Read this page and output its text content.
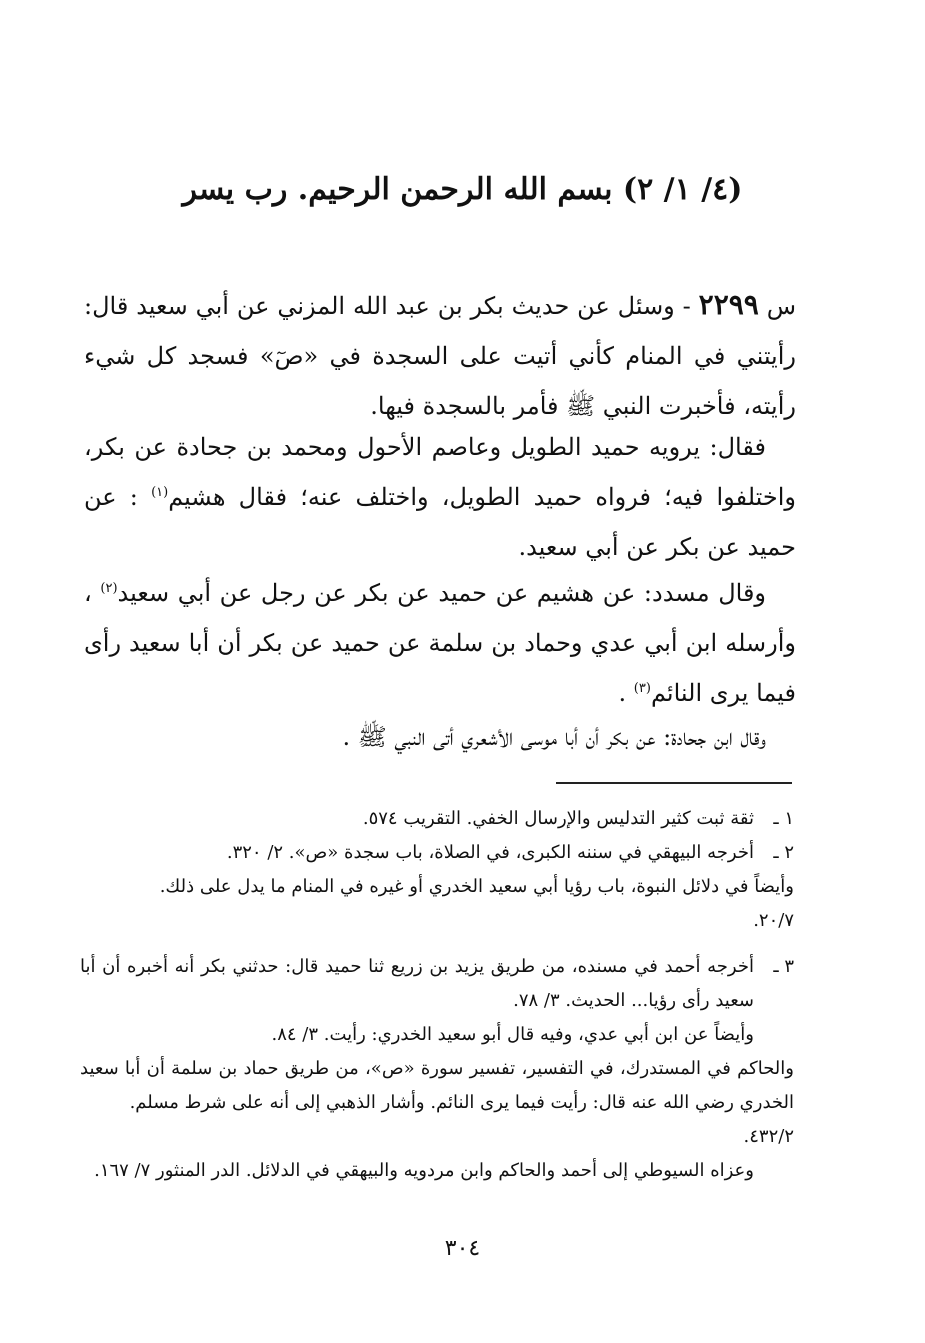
(٤/ ١/ ٢) بسم الله الرحمن الرحيم. رب يسر
س ٢٢٩٩ - وسئل عن حديث بكر بن عبد الله المزني عن أبي سعيد قال: رأيتني في المنام كأني أتيت على السجدة في «صٓ» فسجد كل شيء رأيته، فأخبرت النبي ﷺ فأمر بالسجدة فيها.
فقال: يرويه حميد الطويل وعاصم الأحول ومحمد بن جحادة عن بكر، واختلفوا فيه؛ فرواه حميد الطويل، واختلف عنه؛ فقال هشيم$^{(١)}$ : عن حميد عن بكر عن أبي سعيد.
وقال مسدد: عن هشيم عن حميد عن بكر عن رجل عن أبي سعيد$^{(٢)}$ ، وأرسله ابن أبي عدي وحماد بن سلمة عن حميد عن بكر أن أبا سعيد رأى فيما يرى النائم$^{(٣)}$ .
وقال ابن جحادة: عن بكر أن أبا موسى الأشعري أتى النبي ﷺ .
١ ـ

ثقة ثبت كثير التدليس والإرسال الخفي. التقريب ٥٧٤.

٢ ـ

أخرجه البيهقي في سننه الكبرى، في الصلاة، باب سجدة «ص». ٢/ ٣٢٠.

وأيضاً في دلائل النبوة، باب رؤيا أبي سعيد الخدري أو غيره في المنام ما يدل على ذلك.

٢٠/٧.

٣ ـ

أخرجه أحمد في مسنده، من طريق يزيد بن زريع ثنا حميد قال: حدثني بكر أنه أخبره أن أبا سعيد رأى رؤيا... الحديث. ٣/ ٧٨.

وأيضاً عن ابن أبي عدي، وفيه قال أبو سعيد الخدري: رأيت. ٣/ ٨٤.

والحاكم في المستدرك، في التفسير، تفسير سورة «ص»، من طريق حماد بن سلمة أن أبا سعيد الخدري رضي الله عنه قال: رأيت فيما يرى النائم. وأشار الذهبي إلى أنه على شرط مسلم.

٤٣٢/٢.

وعزاه السيوطي إلى أحمد والحاكم وابن مردويه والبيهقي في الدلائل. الدر المنثور ٧/ ١٦٧.

٣٠٤
